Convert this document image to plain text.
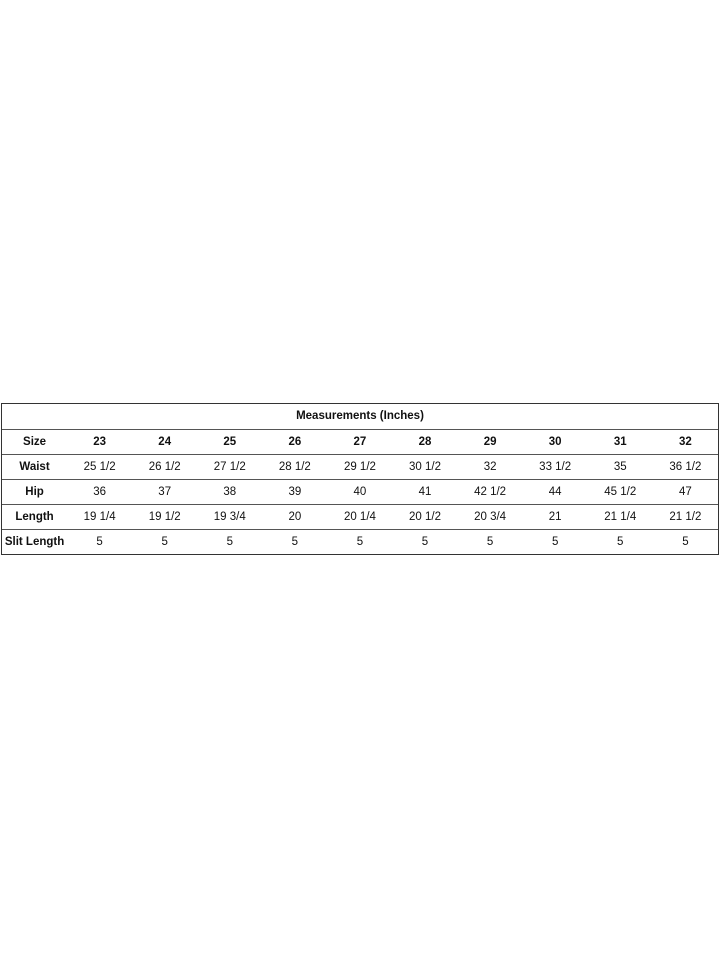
Measurements (Inches)										
Size	23	24	25	26	27	28	29	30	31	32
Waist	25 1/2	26 1/2	27 1/2	28 1/2	29 1/2	30 1/2	32	33 1/2	35	36 1/2
Hip	36	37	38	39	40	41	42 1/2	44	45 1/2	47
Length	19 1/4	19 1/2	19 3/4	20	20 1/4	20 1/2	20 3/4	21	21 1/4	21 1/2
Slit Length	5	5	5	5	5	5	5	5	5	5
